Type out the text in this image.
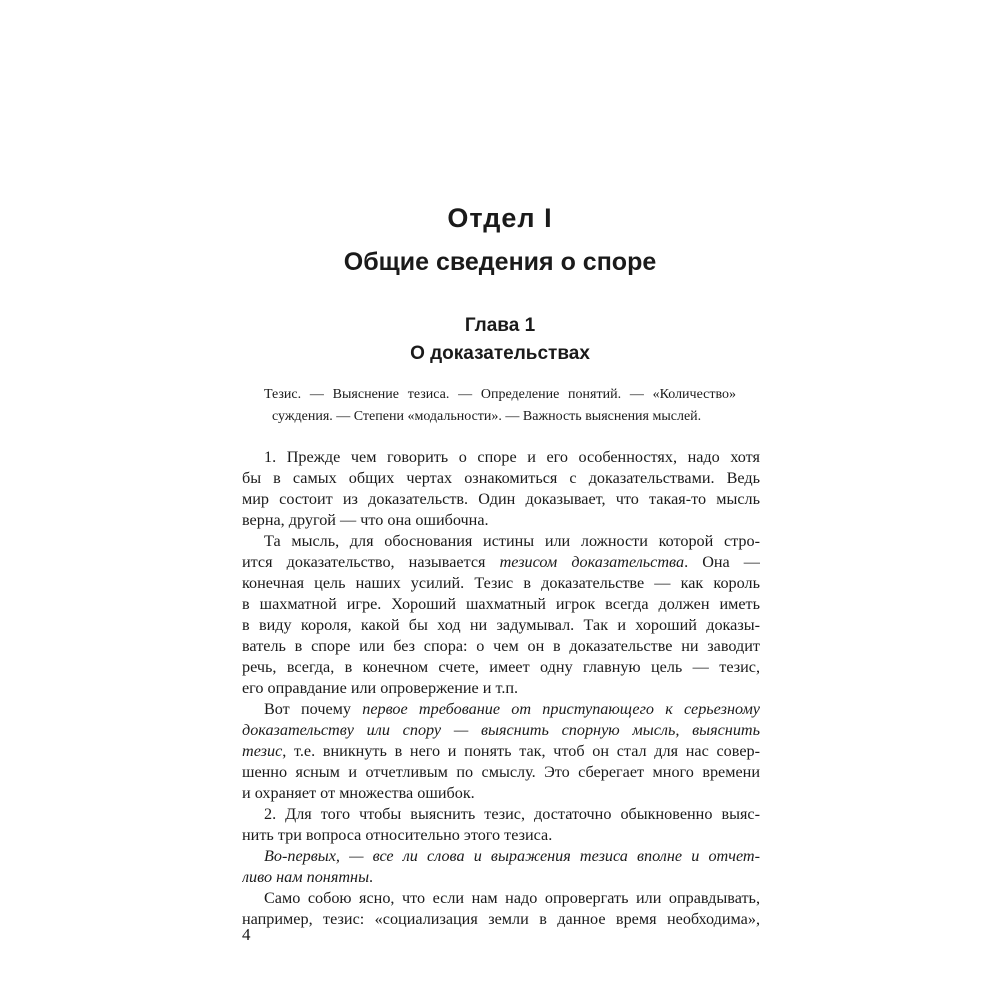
Отдел I
Общие сведения о споре
Глава 1
О доказательствах

Тезис. — Выяснение тезиса. — Определение понятий. — «Количество»
суждения. — Степени «модальности». — Важность выяснения мыслей.

1. Прежде чем говорить о споре и его особенностях, надо хотя
бы в самых общих чертах ознакомиться с доказательствами. Ведь
мир состоит из доказательств. Один доказывает, что такая-то мысль
верна, другой — что она ошибочна.
Та мысль, для обоснования истины или ложности которой стро-
ится доказательство, называется тезисом доказательства. Она —
конечная цель наших усилий. Тезис в доказательстве — как король
в шахматной игре. Хороший шахматный игрок всегда должен иметь
в виду короля, какой бы ход ни задумывал. Так и хороший доказы-
ватель в споре или без спора: о чем он в доказательстве ни заводит
речь, всегда, в конечном счете, имеет одну главную цель — тезис,
его оправдание или опровержение и т.п.
Вот почему первое требование от приступающего к серьезному
доказательству или спору — выяснить спорную мысль, выяснить
тезис, т.е. вникнуть в него и понять так, чтоб он стал для нас совер-
шенно ясным и отчетливым по смыслу. Это сберегает много времени
и охраняет от множества ошибок.
2. Для того чтобы выяснить тезис, достаточно обыкновенно выяс-
нить три вопроса относительно этого тезиса.
Во-первых, — все ли слова и выражения тезиса вполне и отчет-
ливо нам понятны.
Само собою ясно, что если нам надо опровергать или оправдывать,
например, тезис: «социализация земли в данное время необходима»,
4
